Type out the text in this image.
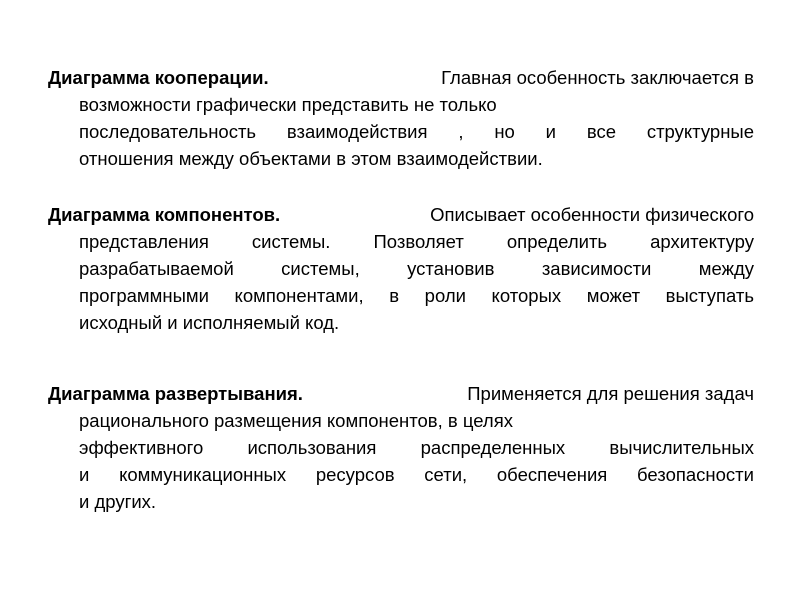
Диаграмма кооперации.	Главная особенность заключается в
возможности графически представить не только
последовательность взаимодействия , но и все структурные
отношения между объектами в этом взаимодействии.
Диаграмма компонентов.	Описывает особенности физического
представления системы. Позволяет определить архитектуру
разрабатываемой системы, установив зависимости между
программными компонентами, в роли которых может выступать
исходный и исполняемый код.
Диаграмма развертывания.	Применяется для решения задач
рационального размещения компонентов, в целях
эффективного использования распределенных вычислительных
и коммуникационных ресурсов сети, обеспечения безопасности
и других.
